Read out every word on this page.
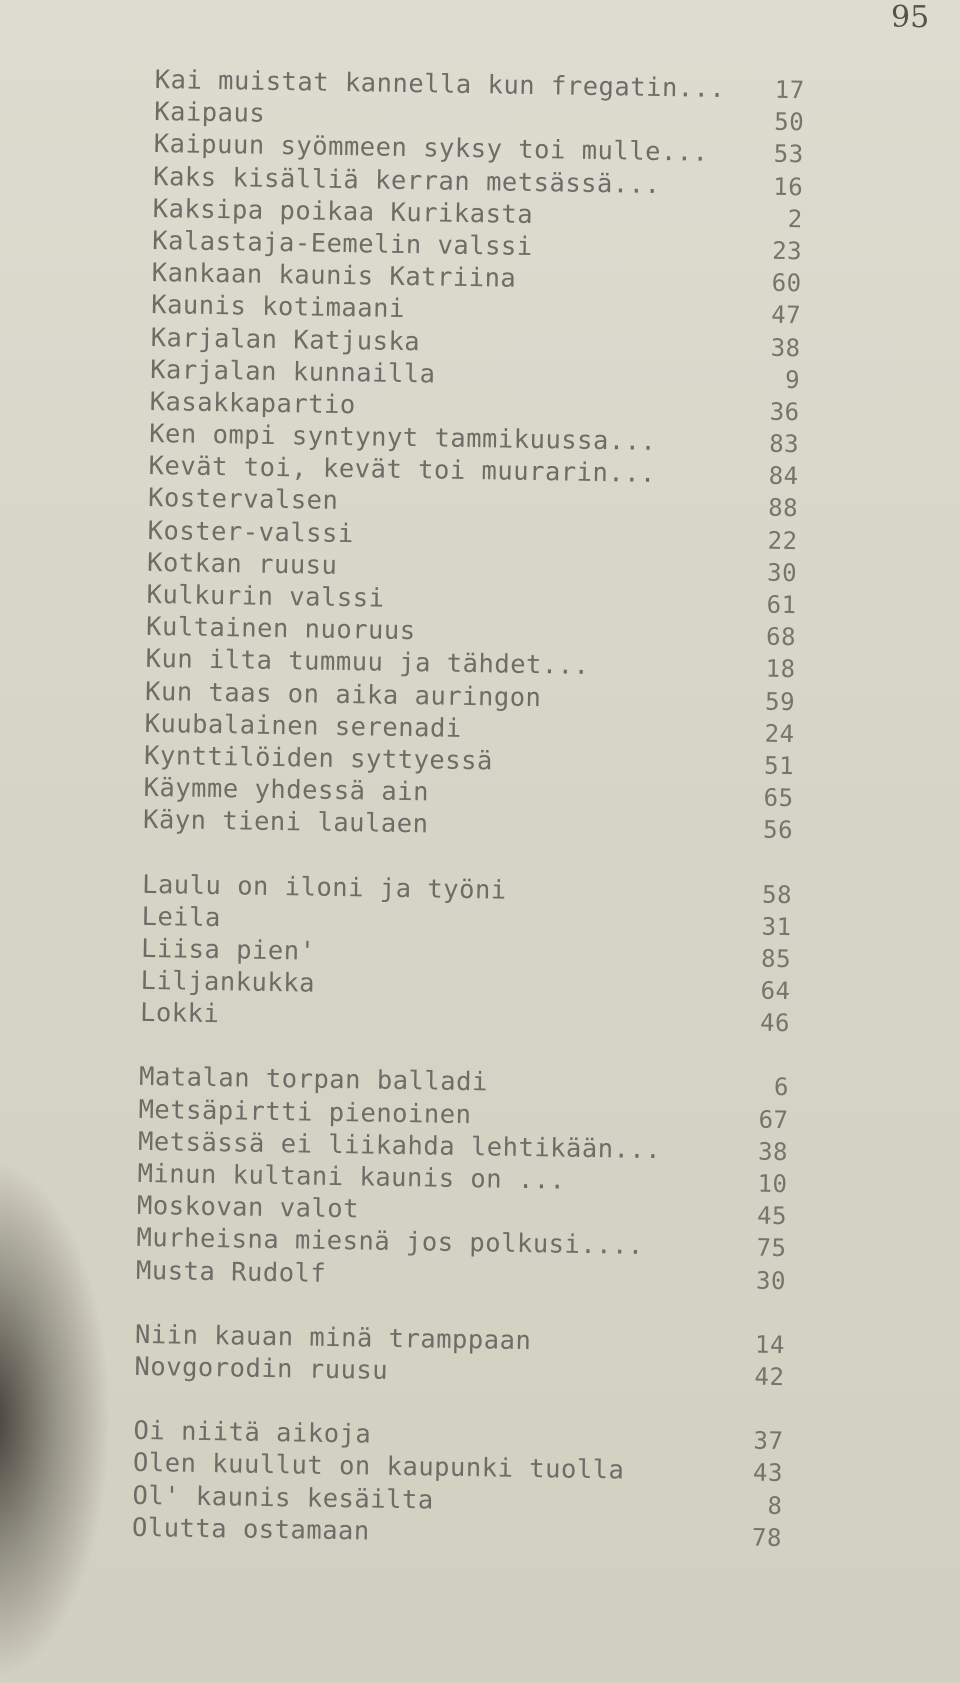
95
Kai muistat kannella kun fregatin...	17
Kaipaus	50
Kaipuun syömmeen syksy toi mulle...	53
Kaks kisälliä kerran metsässä...	16
Kaksipa poikaa Kurikasta	2
Kalastaja-Eemelin valssi	23
Kankaan kaunis Katriina	60
Kaunis kotimaani	47
Karjalan Katjuska	38
Karjalan kunnailla	9
Kasakkapartio	36
Ken ompi syntynyt tammikuussa...	83
Kevät toi, kevät toi muurarin...	84
Kostervalsen	88
Koster-valssi	22
Kotkan ruusu	30
Kulkurin valssi	61
Kultainen nuoruus	68
Kun ilta tummuu ja tähdet...	18
Kun taas on aika auringon	59
Kuubalainen serenadi	24
Kynttilöiden syttyessä	51
Käymme yhdessä ain	65
Käyn tieni laulaen	56
Laulu on iloni ja työni	58
Leila	31
Liisa pien'	85
Liljankukka	64
Lokki	46
Matalan torpan balladi	6
Metsäpirtti pienoinen	67
Metsässä ei liikahda lehtikään...	38
Minun kultani kaunis on ...	10
Moskovan valot	45
Murheisna miesnä jos polkusi....	75
Musta Rudolf	30
Niin kauan minä tramppaan	14
Novgorodin ruusu	42
Oi niitä aikoja	37
Olen kuullut on kaupunki tuolla	43
Ol' kaunis kesäilta	8
Olutta ostamaan	78
